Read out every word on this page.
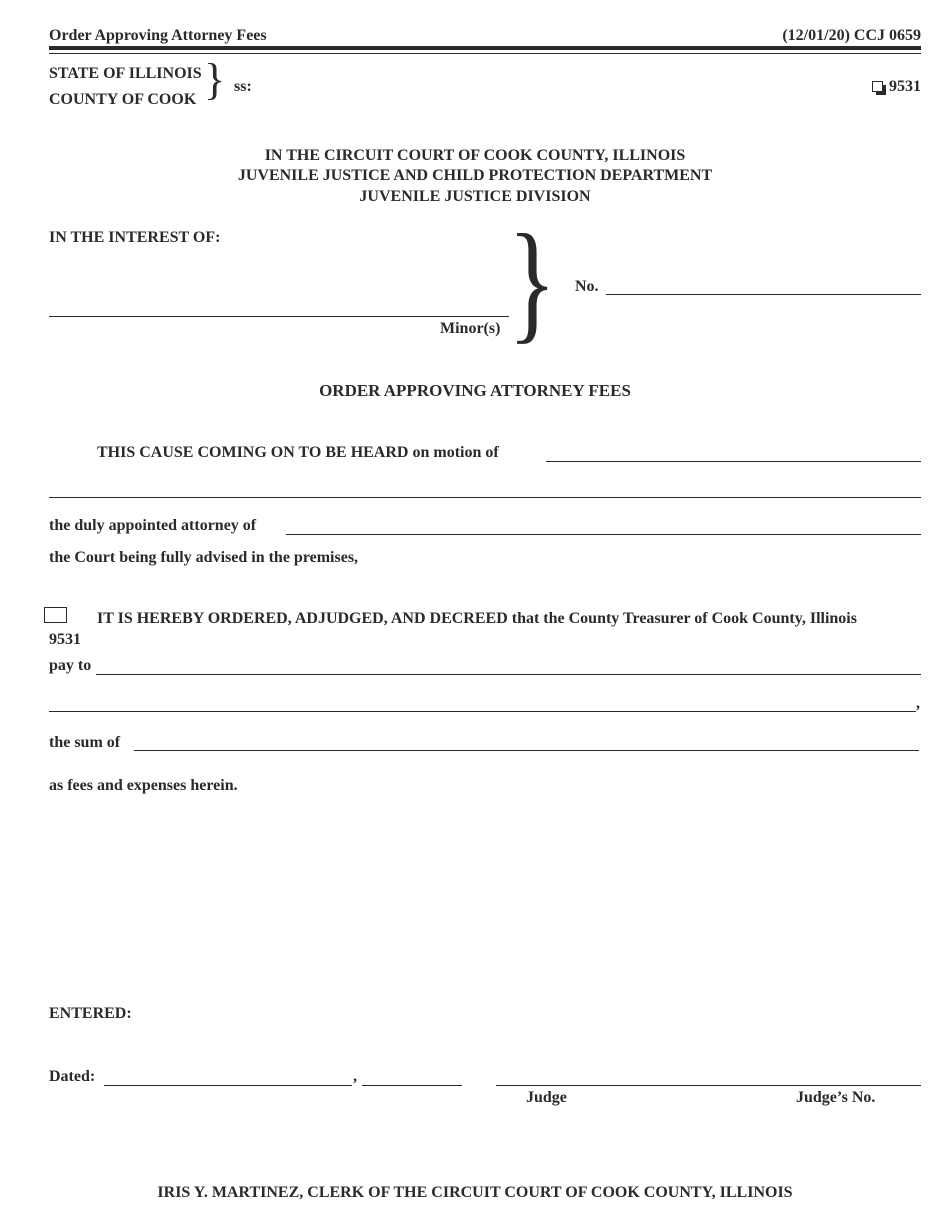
Order Approving Attorney Fees	(12/01/20) CCJ 0659
STATE OF ILLINOIS
COUNTY OF COOK } ss:	9531
IN THE CIRCUIT COURT OF COOK COUNTY, ILLINOIS
JUVENILE JUSTICE AND CHILD PROTECTION DEPARTMENT
JUVENILE JUSTICE DIVISION
IN THE INTEREST OF:
Minor(s) } No.
ORDER APPROVING ATTORNEY FEES
THIS CAUSE COMING ON TO BE HEARD on motion of
the duly appointed attorney of
the Court being fully advised in the premises,
IT IS HEREBY ORDERED, ADJUDGED, AND DECREED that the County Treasurer of Cook County, Illinois
9531
pay to
,
the sum of
as fees and expenses herein.
ENTERED:
Dated:	,
Judge	Judge’s No.
IRIS Y. MARTINEZ, CLERK OF THE CIRCUIT COURT OF COOK COUNTY, ILLINOIS
